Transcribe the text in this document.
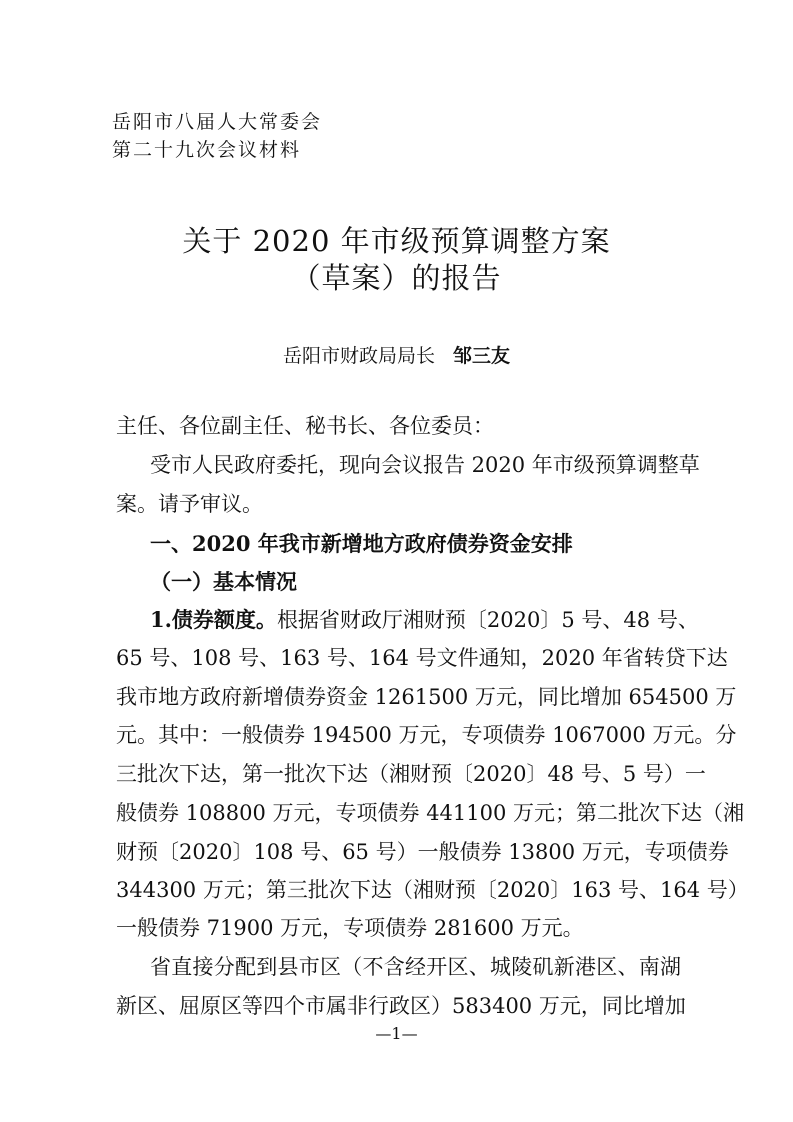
岳阳市八届人大常委会
第二十九次会议材料
关于 2020 年市级预算调整方案
（草案）的报告
岳阳市财政局局长 邹三友
主任、各位副主任、秘书长、各位委员：
受市人民政府委托，现向会议报告 2020 年市级预算调整草
案。请予审议。
一、2020 年我市新增地方政府债券资金安排
（一）基本情况
1.债券额度。根据省财政厅湘财预〔2020〕5 号、48 号、
65 号、108 号、163 号、164 号文件通知，2020 年省转贷下达
我市地方政府新增债券资金 1261500 万元，同比增加 654500 万
元。其中：一般债券 194500 万元，专项债券 1067000 万元。分
三批次下达，第一批次下达（湘财预〔2020〕48 号、5 号）一
般债券 108800 万元，专项债券 441100 万元；第二批次下达（湘
财预〔2020〕108 号、65 号）一般债券 13800 万元，专项债券
344300 万元；第三批次下达（湘财预〔2020〕163 号、164 号）
一般债券 71900 万元，专项债券 281600 万元。
省直接分配到县市区（不含经开区、城陵矶新港区、南湖
新区、屈原区等四个市属非行政区）583400 万元，同比增加
—1—
